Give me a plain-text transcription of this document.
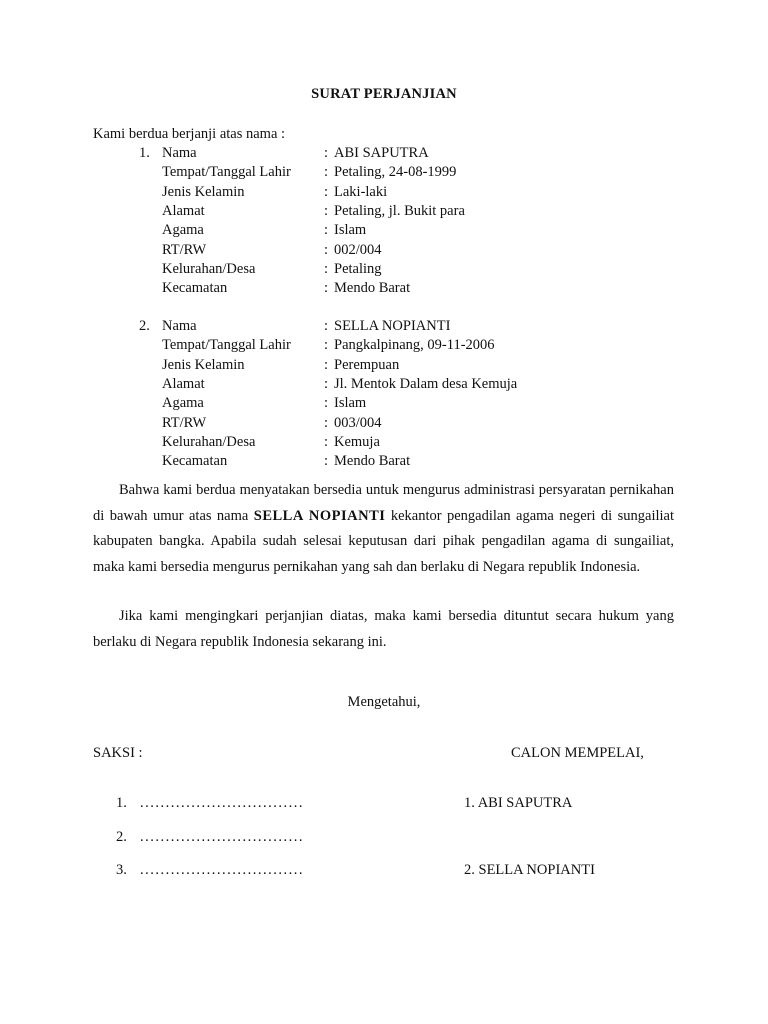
SURAT PERJANJIAN
Kami berdua berjanji atas nama :
1. Nama	: ABI SAPUTRA
Tempat/Tanggal Lahir : Petaling, 24-08-1999
Jenis Kelamin	: Laki-laki
Alamat	: Petaling, jl. Bukit para
Agama	: Islam
RT/RW	: 002/004
Kelurahan/Desa	: Petaling
Kecamatan	: Mendo Barat
2. Nama	: SELLA NOPIANTI
Tempat/Tanggal Lahir : Pangkalpinang, 09-11-2006
Jenis Kelamin	: Perempuan
Alamat	: Jl. Mentok Dalam desa Kemuja
Agama	: Islam
RT/RW	: 003/004
Kelurahan/Desa	: Kemuja
Kecamatan	: Mendo Barat

Bahwa kami berdua menyatakan bersedia untuk mengurus administrasi persyaratan pernikahan di bawah umur atas nama SELLA NOPIANTI kekantor pengadilan agama negeri di sungailiat kabupaten bangka. Apabila sudah selesai keputusan dari pihak pengadilan agama di sungailiat, maka kami bersedia mengurus pernikahan yang sah dan berlaku di Negara republik Indonesia.

Jika kami mengingkari perjanjian diatas, maka kami bersedia dituntut secara hukum yang berlaku di Negara republik Indonesia sekarang ini.

Mengetahui,
SAKSI :	CALON MEMPELAI,
1. ................................	1. ABI SAPUTRA
2. ................................
3. ................................	2. SELLA NOPIANTI
